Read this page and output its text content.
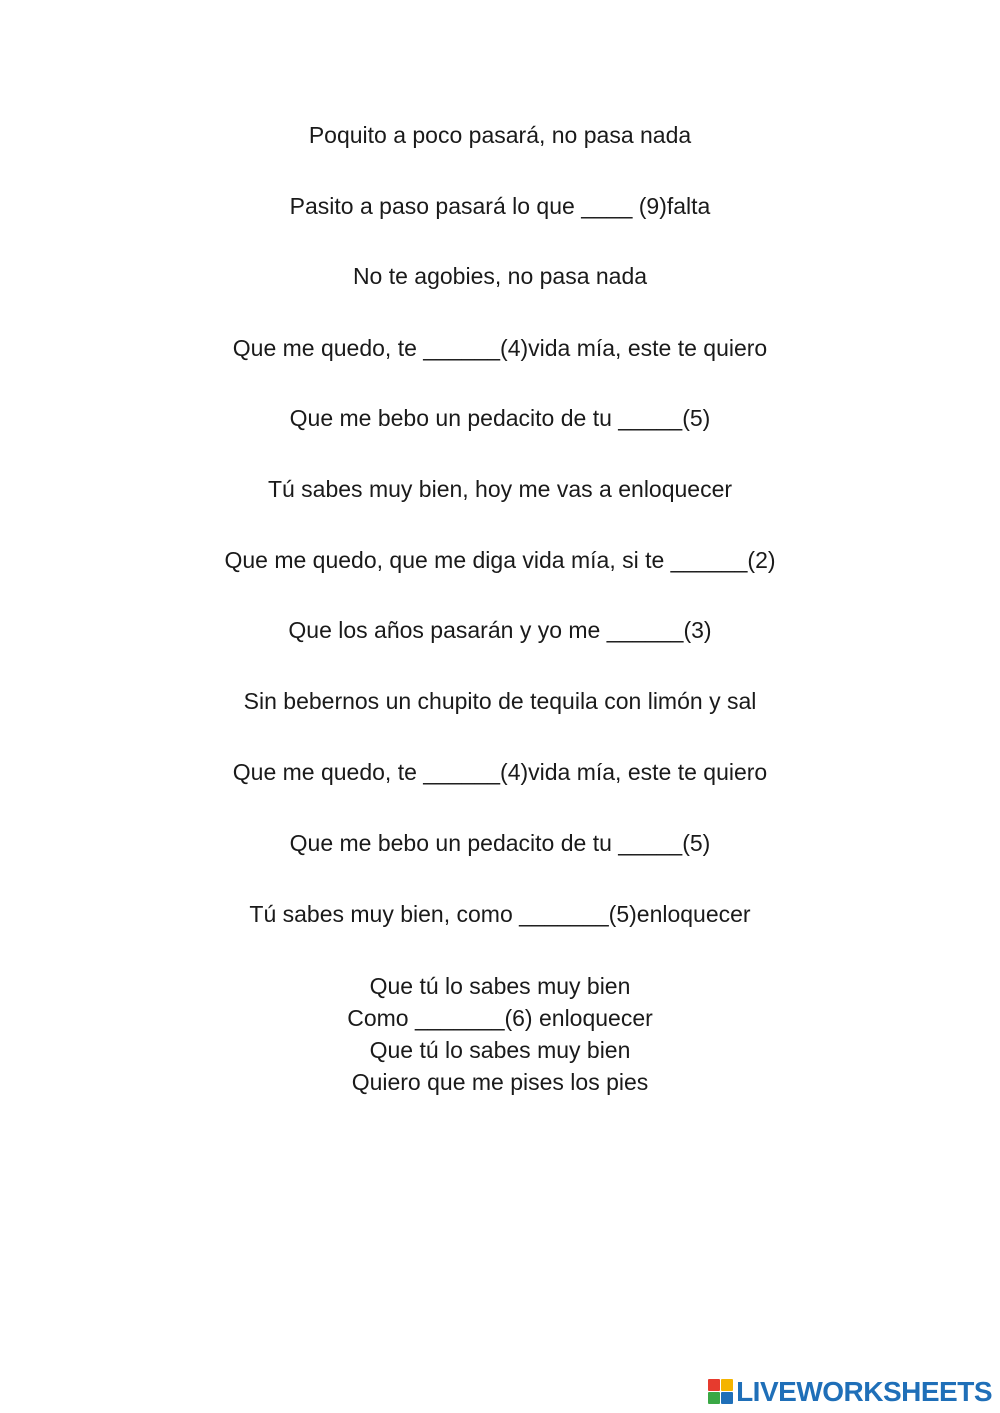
Poquito a poco pasará, no pasa nada
Pasito a paso pasará lo que ____ (9)falta
No te agobies, no pasa nada
Que me quedo, te ______(4)vida mía, este te quiero
Que me bebo un pedacito de tu _____(5)
Tú sabes muy bien, hoy me vas a enloquecer
Que me quedo, que me diga vida mía, si te ______(2)
Que los años pasarán y yo me ______(3)
Sin bebernos un chupito de tequila con limón y sal
Que me quedo, te ______(4)vida mía, este te quiero
Que me bebo un pedacito de tu _____(5)
Tú sabes muy bien, como _______(5)enloquecer
Que tú lo sabes muy bien
Como _______(6) enloquecer
Que tú lo sabes muy bien
Quiero que me pises los pies
LIVEWORKSHEETS
